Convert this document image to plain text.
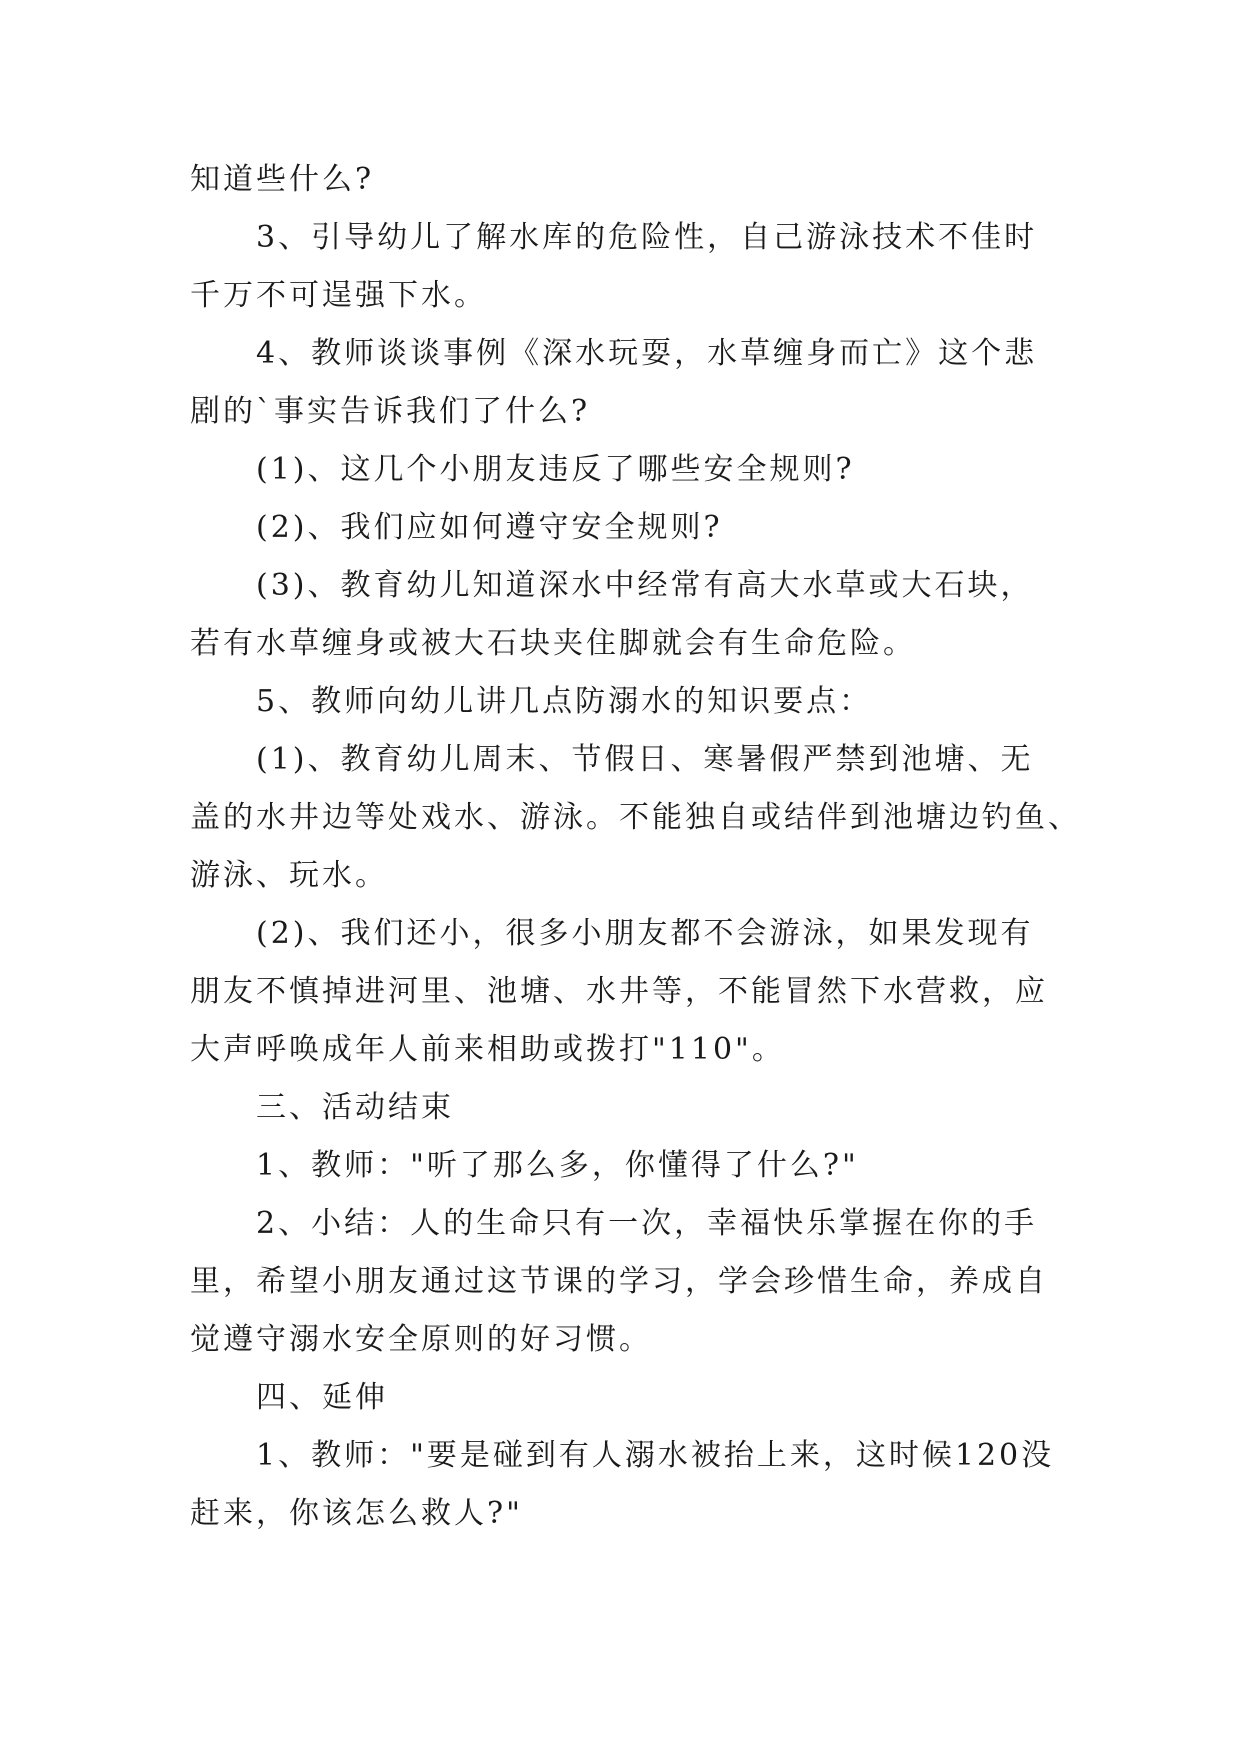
知道些什么?
3、引导幼儿了解水库的危险性，自己游泳技术不佳时
千万不可逞强下水。
4、教师谈谈事例《深水玩耍，水草缠身而亡》这个悲
剧的`事实告诉我们了什么?
(1)、这几个小朋友违反了哪些安全规则?
(2)、我们应如何遵守安全规则?
(3)、教育幼儿知道深水中经常有高大水草或大石块，
若有水草缠身或被大石块夹住脚就会有生命危险。
5、教师向幼儿讲几点防溺水的知识要点：
(1)、教育幼儿周末、节假日、寒暑假严禁到池塘、无
盖的水井边等处戏水、游泳。不能独自或结伴到池塘边钓鱼、
游泳、玩水。
(2)、我们还小，很多小朋友都不会游泳，如果发现有
朋友不慎掉进河里、池塘、水井等，不能冒然下水营救，应
大声呼唤成年人前来相助或拨打"110"。
三、活动结束
1、教师："听了那么多，你懂得了什么?"
2、小结：人的生命只有一次，幸福快乐掌握在你的手
里，希望小朋友通过这节课的学习，学会珍惜生命，养成自
觉遵守溺水安全原则的好习惯。
四、延伸
1、教师："要是碰到有人溺水被抬上来，这时候120没
赶来，你该怎么救人?"
